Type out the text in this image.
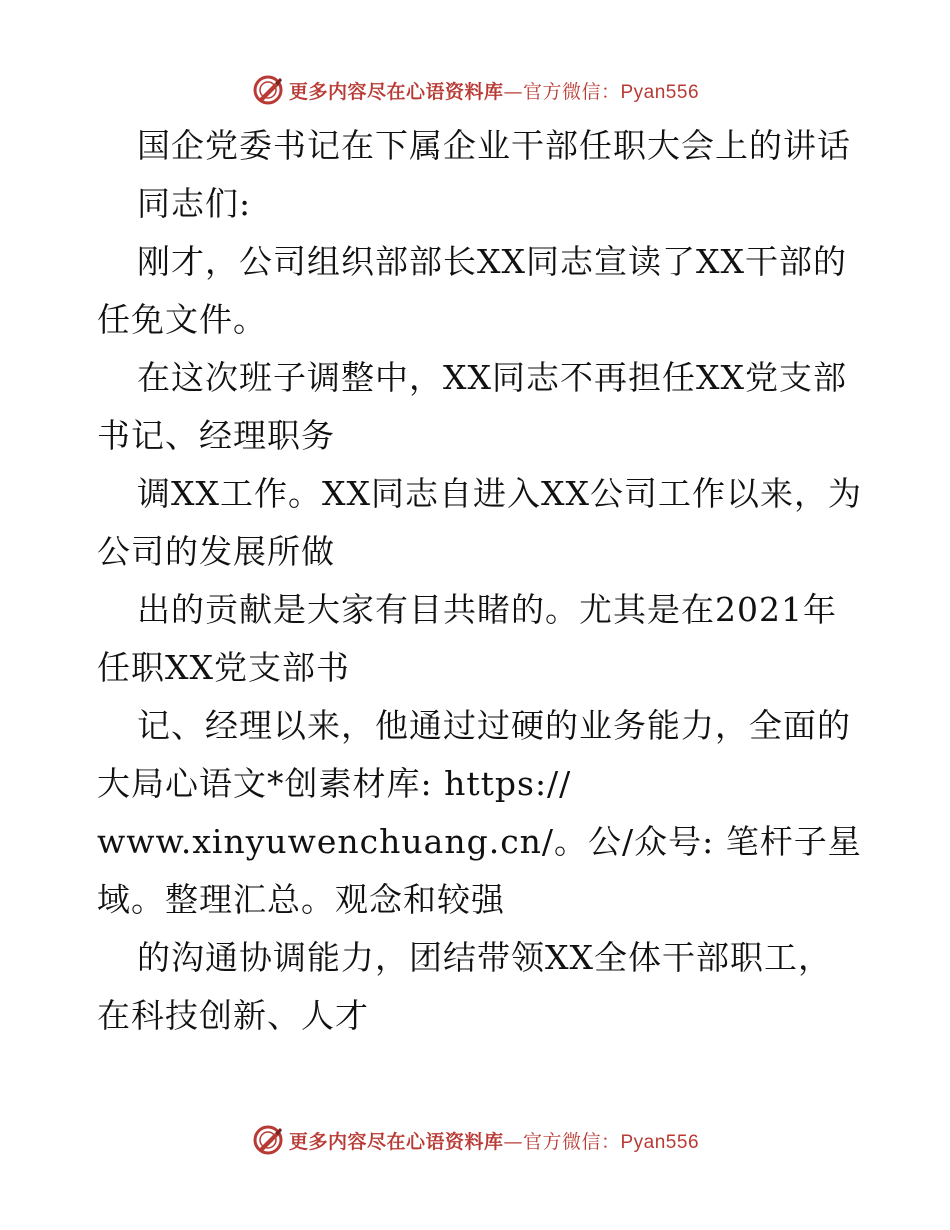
更多内容尽在心语资料库—官方微信：Pyan556
国企党委书记在下属企业干部任职大会上的讲话
同志们:
刚才，公司组织部部长XX同志宣读了XX干部的
任免文件。
在这次班子调整中，XX同志不再担任XX党支部
书记、经理职务
调XX工作。XX同志自进入XX公司工作以来，为
公司的发展所做
出的贡献是大家有目共睹的。尤其是在2021年
任职XX党支部书
记、经理以来，他通过过硬的业务能力，全面的
大局心语文*创素材库: https://
www.xinyuwenchuang.cn/。公/众号: 笔杆子星
域。整理汇总。观念和较强
的沟通协调能力，团结带领XX全体干部职工，
在科技创新、人才
更多内容尽在心语资料库—官方微信：Pyan556
